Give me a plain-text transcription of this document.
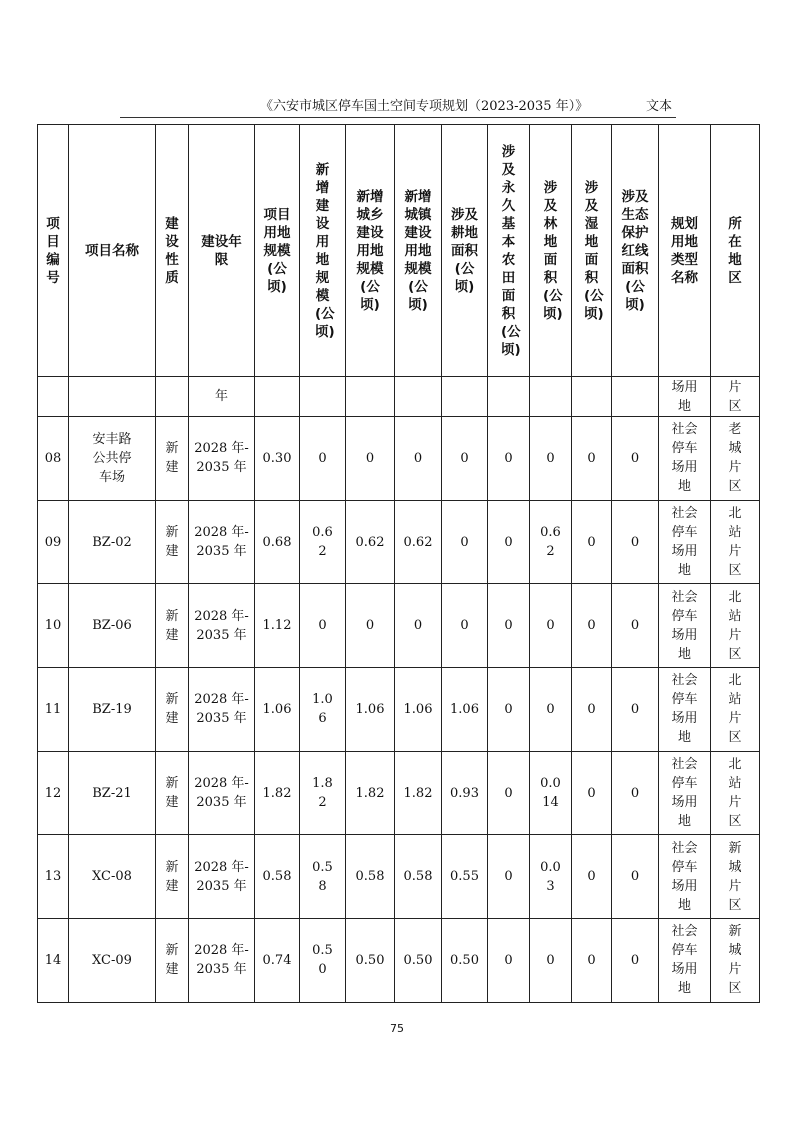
《六安市城区停车国土空间专项规划（2023-2035 年）》	文本
项目编号	项目名称	建设性质	建设年限	项目用地规模(公顷)	新增建设用地规模(公顷)	新增城乡建设用地规模(公顷)	新增城镇建设用地规模(公顷)	涉及耕地面积(公顷)	涉及永久基本农田面积(公顷)	涉及林地面积(公顷)	涉及湿地面积(公顷)	涉及生态保护红线面积(公顷)	规划用地类型名称	所在地区

			年										场用地	片区

08	安丰路公共停车场	新建	2028 年-2035 年	0.30	0	0	0	0	0	0	0	0	社会停车场用地	老城片区

09	BZ-02	新建	2028 年-2035 年	0.68	0.62	0.62	0.62	0	0	0.62	0	0	社会停车场用地	北站片区

10	BZ-06	新建	2028 年-2035 年	1.12	0	0	0	0	0	0	0	0	社会停车场用地	北站片区

11	BZ-19	新建	2028 年-2035 年	1.06	1.06	1.06	1.06	1.06	0	0	0	0	社会停车场用地	北站片区

12	BZ-21	新建	2028 年-2035 年	1.82	1.82	1.82	1.82	0.93	0	0.014	0	0	社会停车场用地	北站片区

13	XC-08	新建	2028 年-2035 年	0.58	0.58	0.58	0.58	0.55	0	0.03	0	0	社会停车场用地	新城片区

14	XC-09	新建	2028 年-2035 年	0.74	0.50	0.50	0.50	0.50	0	0	0	0	社会停车场用地	新城片区
75
